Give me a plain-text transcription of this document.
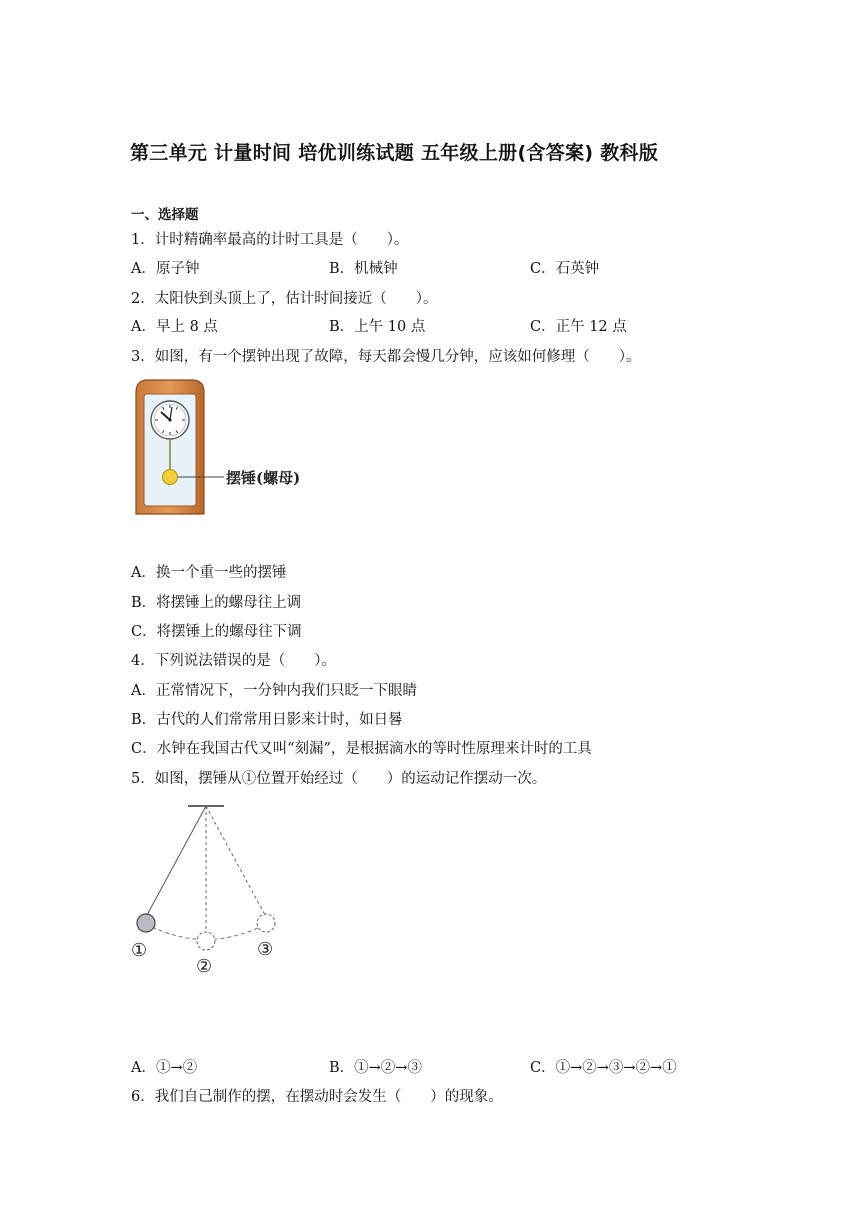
第三单元 计量时间 培优训练试题 五年级上册(含答案) 教科版
一、选择题
1．计时精确率最高的计时工具是（　　）。
A．原子钟	B．机械钟	C．石英钟
2．太阳快到头顶上了，估计时间接近（　　）。
A．早上 8 点	B．上午 10 点	C．正午 12 点
3．如图，有一个摆钟出现了故障，每天都会慢几分钟，应该如何修理（　　）。
摆锤(螺母)
A．换一个重一些的摆锤
B．将摆锤上的螺母往上调
C．将摆锤上的螺母往下调
4．下列说法错误的是（　　）。
A．正常情况下，一分钟内我们只眨一下眼睛
B．古代的人们常常用日影来计时，如日晷
C．水钟在我国古代又叫“刻漏”，是根据滴水的等时性原理来计时的工具
5．如图，摆锤从①位置开始经过（　　）的运动记作摆动一次。
①
②
③
A．①→②	B．①→②→③	C．①→②→③→②→①
6．我们自己制作的摆，在摆动时会发生（　　）的现象。
